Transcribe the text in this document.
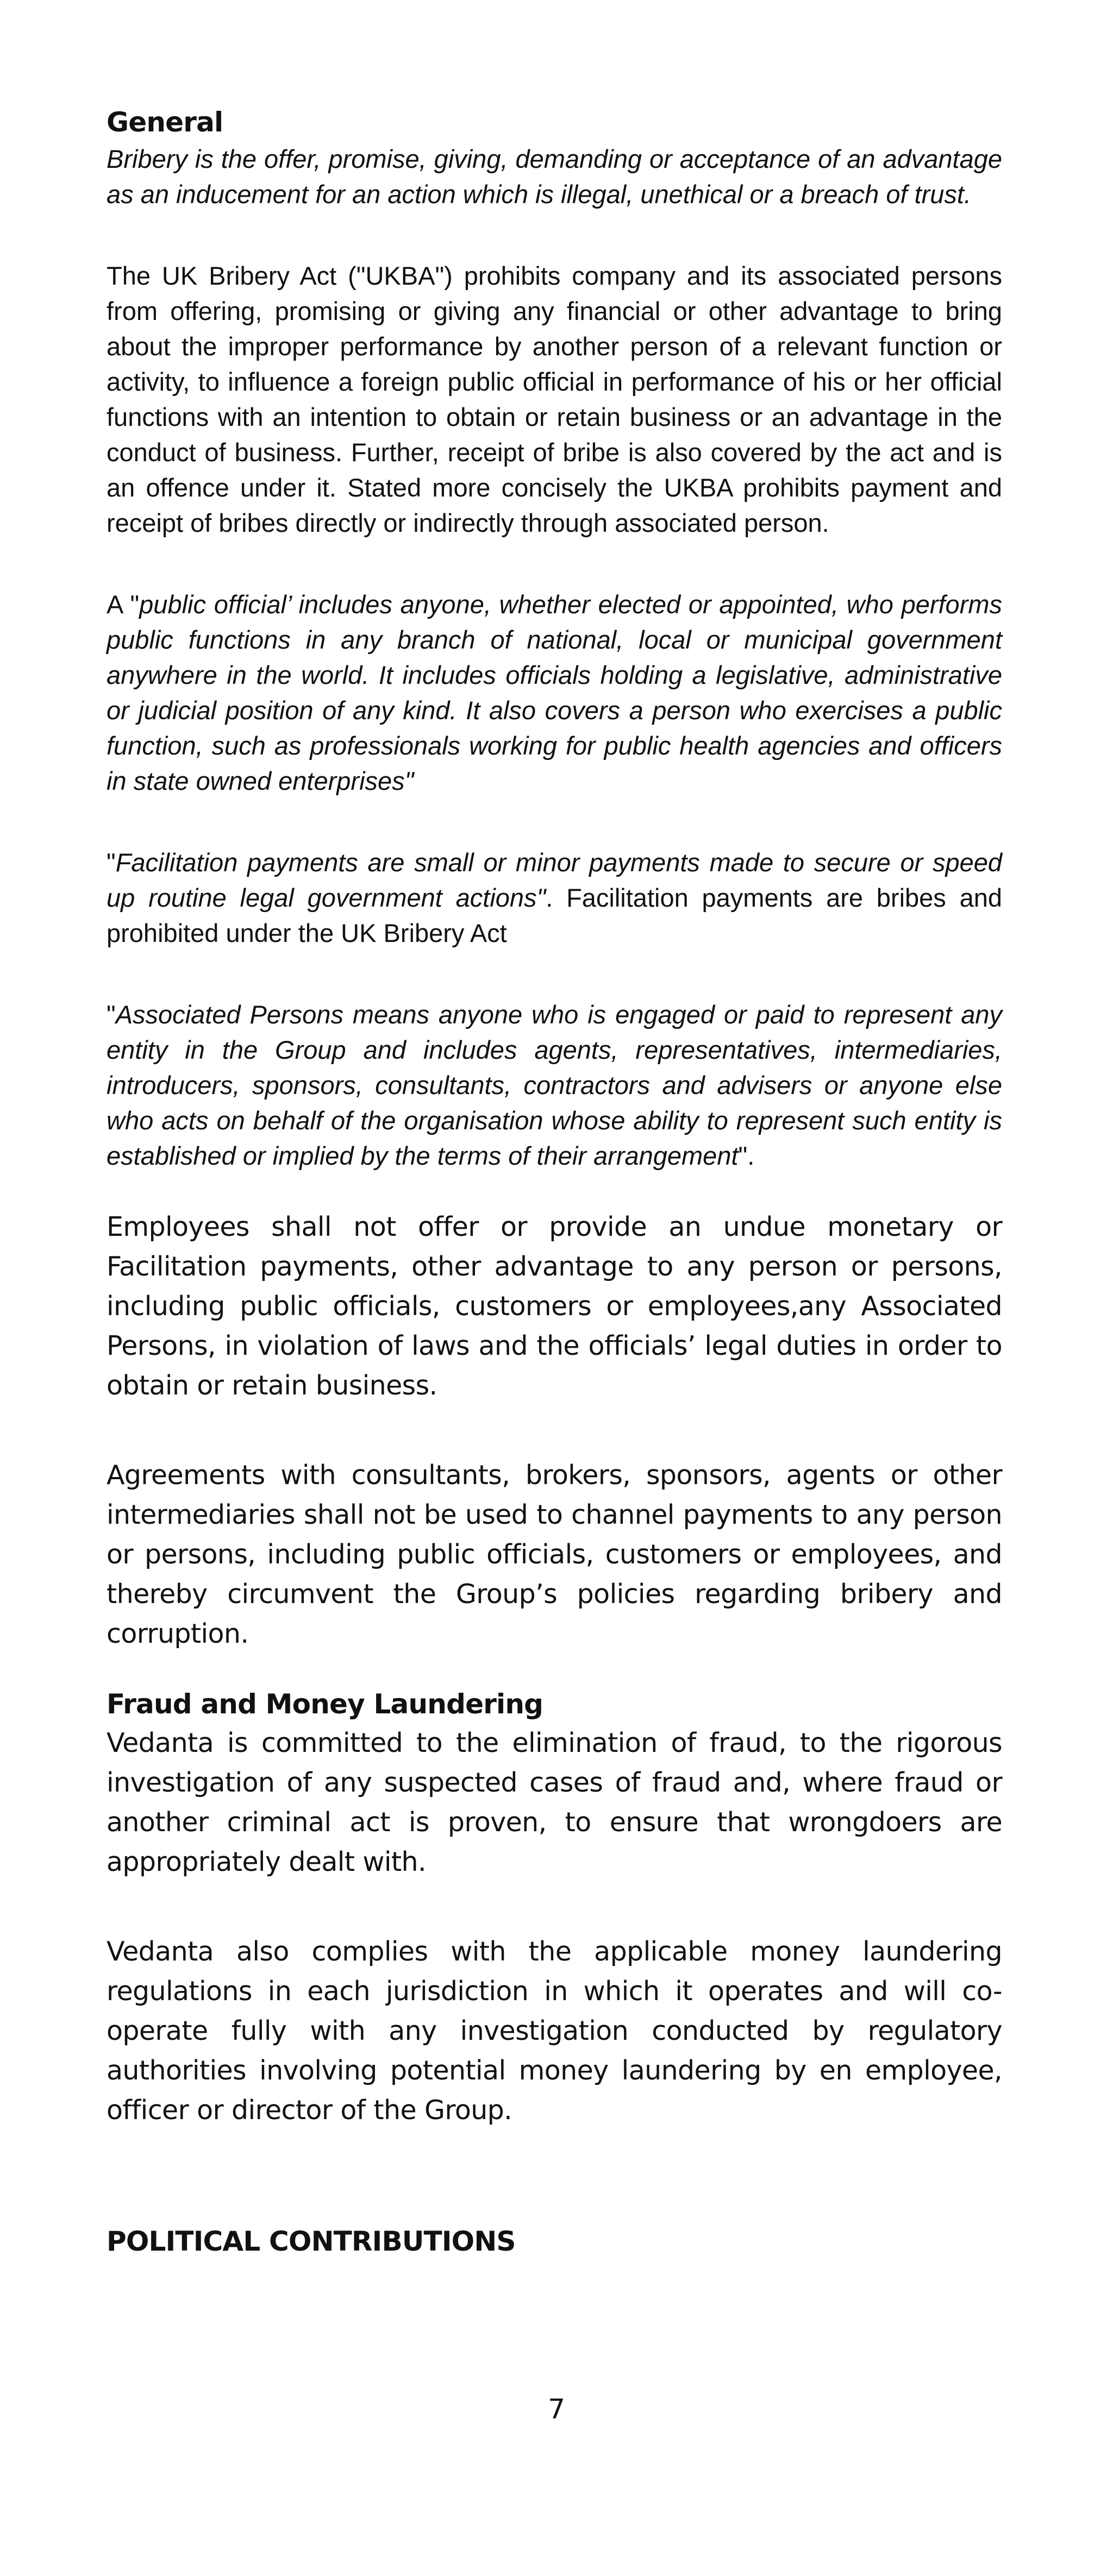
General

Bribery is the offer, promise, giving, demanding or acceptance of an advantage as an inducement for an action which is illegal, unethical or a breach of trust.

The UK Bribery Act ("UKBA") prohibits company and its associated persons from offering, promising or giving any financial or other advantage to bring about the improper performance by another person of a relevant function or activity, to influence a foreign public official in performance of his or her official functions with an intention to obtain or retain business or an advantage in the conduct of business. Further, receipt of bribe is also covered by the act and is an offence under it. Stated more concisely the UKBA prohibits payment and receipt of bribes directly or indirectly through associated person.

A "public official’ includes anyone, whether elected or appointed, who performs public functions in any branch of national, local or municipal government anywhere in the world. It includes officials holding a legislative, administrative or judicial position of any kind. It also covers a person who exercises a public function, such as professionals working for public health agencies and officers in state owned enterprises"

"Facilitation payments are small or minor payments made to secure or speed up routine legal government actions". Facilitation payments are bribes and prohibited under the UK Bribery Act

"Associated Persons means anyone who is engaged or paid to represent any entity in the Group and includes agents, representatives, intermediaries, introducers, sponsors, consultants, contractors and advisers or anyone else who acts on behalf of the organisation whose ability to represent such entity is established or implied by the terms of their arrangement".

Employees shall not offer or provide an undue monetary or Facilitation payments, other advantage to any person or persons, including public officials, customers or employees,any Associated Persons, in violation of laws and the officials’ legal duties in order to obtain or retain business.

Agreements with consultants, brokers, sponsors, agents or other intermediaries shall not be used to channel payments to any person or persons, including public officials, customers or employees, and thereby circumvent the Group’s policies regarding bribery and corruption.

Fraud and Money Laundering

Vedanta is committed to the elimination of fraud, to the rigorous investigation of any suspected cases of fraud and, where fraud or another criminal act is proven, to ensure that wrongdoers are appropriately dealt with.

Vedanta also complies with the applicable money laundering regulations in each jurisdiction in which it operates and will co-operate fully with any investigation conducted by regulatory authorities involving potential money laundering by en employee, officer or director of the Group.

POLITICAL CONTRIBUTIONS
7
